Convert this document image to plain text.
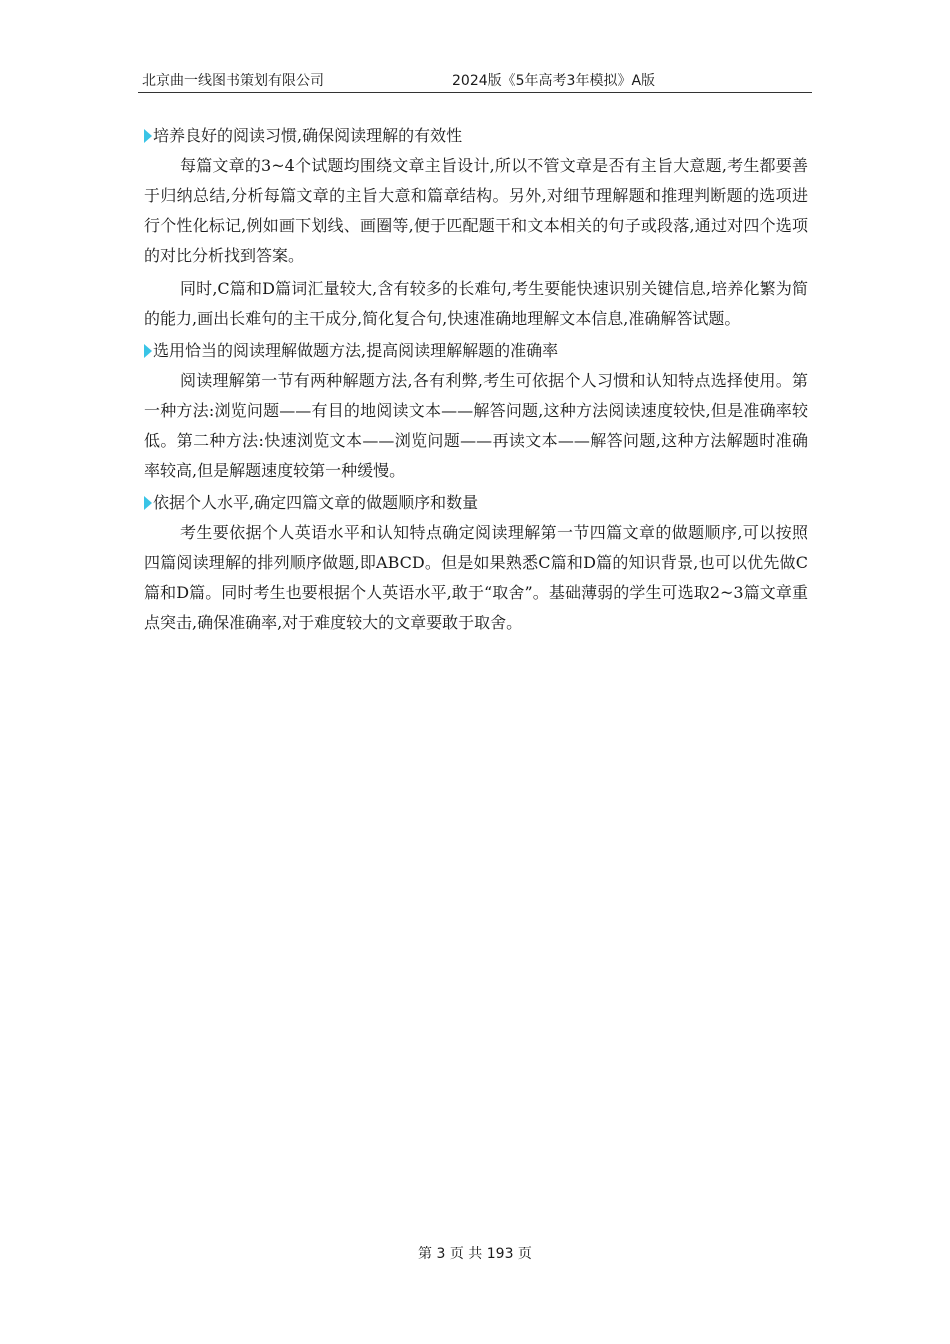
北京曲一线图书策划有限公司	2024版《5年高考3年模拟》A版
培养良好的阅读习惯,确保阅读理解的有效性

每篇文章的3~4个试题均围绕文章主旨设计,所以不管文章是否有主旨大意题,考生都要善于归纳总结,分析每篇文章的主旨大意和篇章结构。另外,对细节理解题和推理判断题的选项进行个性化标记,例如画下划线、画圈等,便于匹配题干和文本相关的句子或段落,通过对四个选项的对比分析找到答案。

同时,C篇和D篇词汇量较大,含有较多的长难句,考生要能快速识别关键信息,培养化繁为简的能力,画出长难句的主干成分,简化复合句,快速准确地理解文本信息,准确解答试题。

选用恰当的阅读理解做题方法,提高阅读理解解题的准确率

阅读理解第一节有两种解题方法,各有利弊,考生可依据个人习惯和认知特点选择使用。第一种方法:浏览问题——有目的地阅读文本——解答问题,这种方法阅读速度较快,但是准确率较低。第二种方法:快速浏览文本——浏览问题——再读文本——解答问题,这种方法解题时准确率较高,但是解题速度较第一种缓慢。

依据个人水平,确定四篇文章的做题顺序和数量

考生要依据个人英语水平和认知特点确定阅读理解第一节四篇文章的做题顺序,可以按照四篇阅读理解的排列顺序做题,即ABCD。但是如果熟悉C篇和D篇的知识背景,也可以优先做C篇和D篇。同时考生也要根据个人英语水平,敢于“取舍”。基础薄弱的学生可选取2~3篇文章重点突击,确保准确率,对于难度较大的文章要敢于取舍。

第 3 页 共 193 页
